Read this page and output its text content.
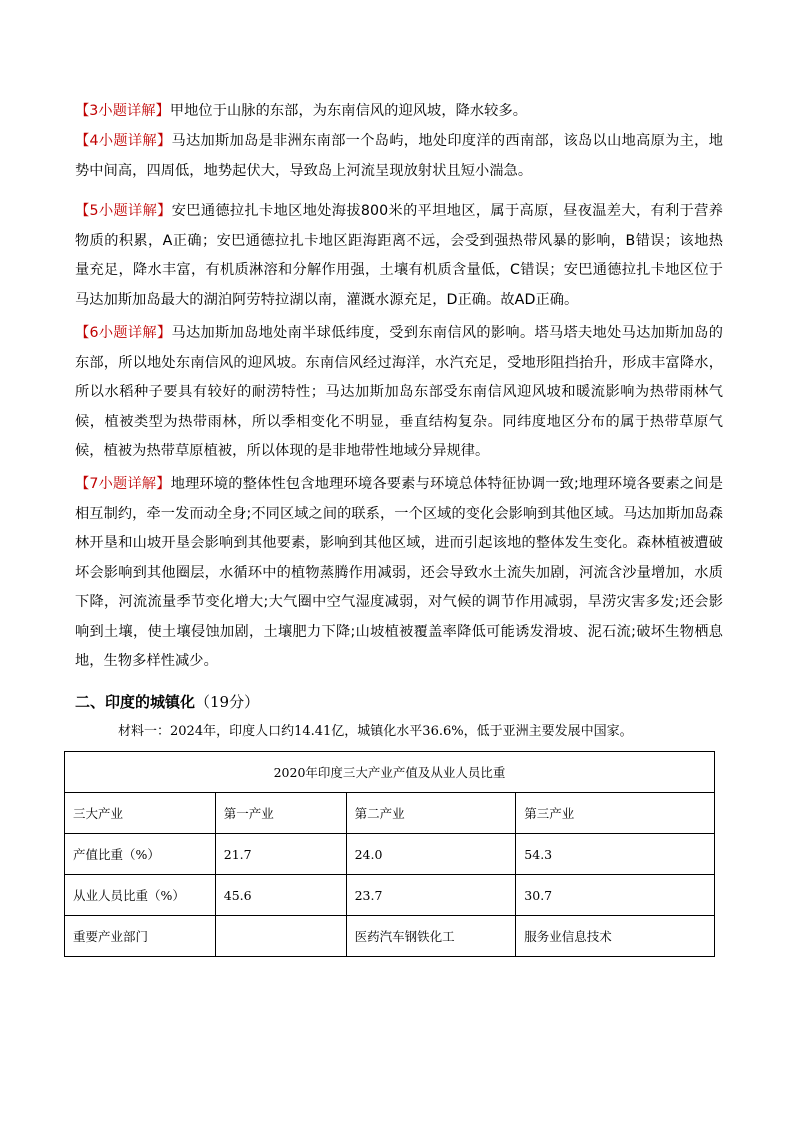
【3小题详解】甲地位于山脉的东部，为东南信风的迎风坡，降水较多。
【4小题详解】马达加斯加岛是非洲东南部一个岛屿，地处印度洋的西南部，该岛以山地高原为主，地势中间高，四周低，地势起伏大，导致岛上河流呈现放射状且短小湍急。
【5小题详解】安巴通德拉扎卡地区地处海拔800米的平坦地区，属于高原，昼夜温差大，有利于营养物质的积累，A正确；安巴通德拉扎卡地区距海距离不远，会受到强热带风暴的影响，B错误；该地热量充足，降水丰富，有机质淋溶和分解作用强，土壤有机质含量低，C错误；安巴通德拉扎卡地区位于马达加斯加岛最大的湖泊阿劳特拉湖以南，灌溉水源充足，D正确。故AD正确。
【6小题详解】马达加斯加岛地处南半球低纬度，受到东南信风的影响。塔马塔夫地处马达加斯加岛的东部，所以地处东南信风的迎风坡。东南信风经过海洋，水汽充足，受地形阻挡抬升，形成丰富降水，所以水稻种子要具有较好的耐涝特性；马达加斯加岛东部受东南信风迎风坡和暖流影响为热带雨林气候，植被类型为热带雨林，所以季相变化不明显，垂直结构复杂。同纬度地区分布的属于热带草原气候，植被为热带草原植被，所以体现的是非地带性地域分异规律。
【7小题详解】地理环境的整体性包含地理环境各要素与环境总体特征协调一致;地理环境各要素之间是相互制约，牵一发而动全身;不同区域之间的联系，一个区域的变化会影响到其他区域。马达加斯加岛森林开垦和山坡开垦会影响到其他要素，影响到其他区域，进而引起该地的整体发生变化。森林植被遭破坏会影响到其他圈层，水循环中的植物蒸腾作用减弱，还会导致水土流失加剧，河流含沙量增加，水质下降，河流流量季节变化增大;大气圈中空气湿度减弱，对气候的调节作用减弱，旱涝灾害多发;还会影响到土壤，使土壤侵蚀加剧，土壤肥力下降;山坡植被覆盖率降低可能诱发滑坡、泥石流;破坏生物栖息地，生物多样性减少。
二、印度的城镇化（19分）
材料一：2024年，印度人口约14.41亿，城镇化水平36.6%，低于亚洲主要发展中国家。
2020年印度三大产业产值及从业人员比重			
三大产业	第一产业	第二产业	第三产业
产值比重（%）	21.7	24.0	54.3
从业人员比重（%）	45.6	23.7	30.7
重要产业部门		医药汽车钢铁化工	服务业信息技术
